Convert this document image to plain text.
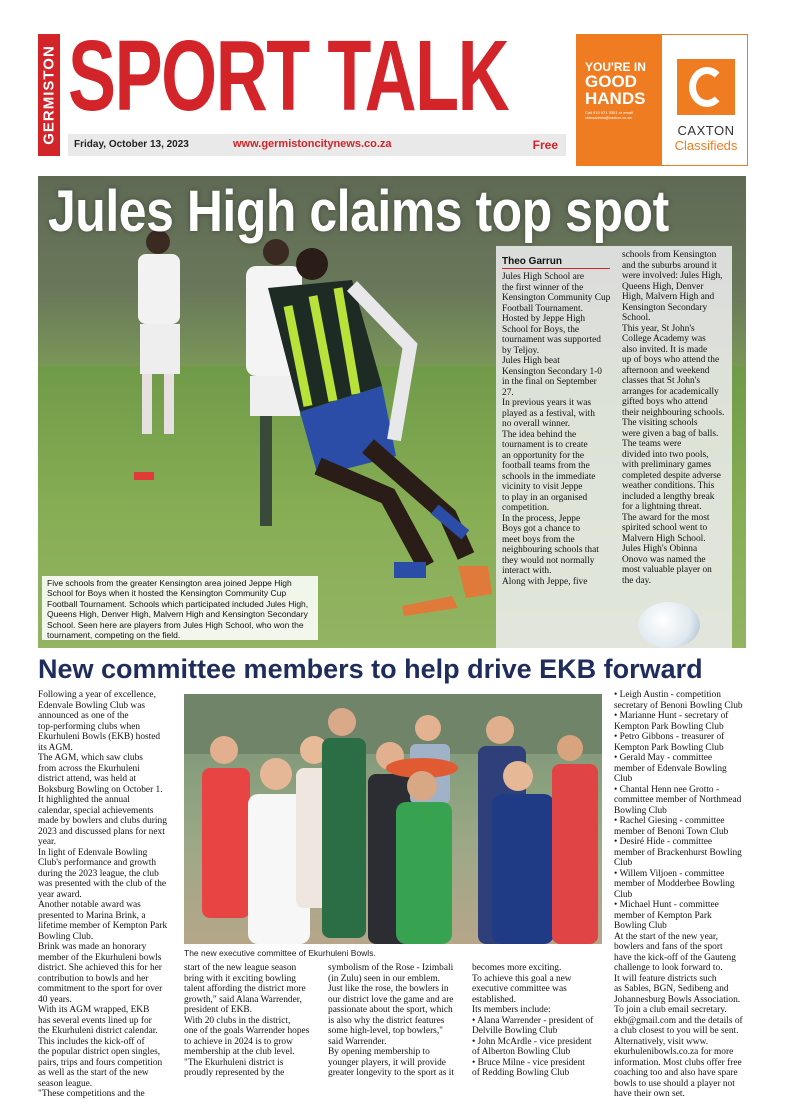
GERMISTON SPORT TALK
Friday, October 13, 2023	www.germistoncitynews.co.za	Free
YOU'RE IN
GOOD
HANDS
Call 010 971 3301 or email classadmin@caxton.co.za
CAXTON
Classifieds
Jules High claims top spot
Theo Garrun
Jules High School are
the first winner of the
Kensington Community Cup
Football Tournament.
Hosted by Jeppe High
School for Boys, the
tournament was supported
by Teljoy.
Jules High beat
Kensington Secondary 1-0
in the final on September
27.
In previous years it was
played as a festival, with
no overall winner.
The idea behind the
tournament is to create
an opportunity for the
football teams from the
schools in the immediate
vicinity to visit Jeppe
to play in an organised
competition.
In the process, Jeppe
Boys got a chance to
meet boys from the
neighbouring schools that
they would not normally
interact with.
Along with Jeppe, five
schools from Kensington
and the suburbs around it
were involved: Jules High,
Queens High, Denver
High, Malvern High and
Kensington Secondary
School.
This year, St John's
College Academy was
also invited. It is made
up of boys who attend the
afternoon and weekend
classes that St John's
arranges for academically
gifted boys who attend
their neighbouring schools.
The visiting schools
were given a bag of balls.
The teams were
divided into two pools,
with preliminary games
completed despite adverse
weather conditions. This
included a lengthy break
for a lightning threat.
The award for the most
spirited school went to
Malvern High School.
Jules High's Obinna
Onovo was named the
most valuable player on
the day.
Five schools from the greater Kensington area joined Jeppe High School for Boys when it hosted the Kensington Community Cup Football Tournament. Schools which participated included Jules High, Queens High, Denver High, Malvern High and Kensington Secondary School. Seen here are players from Jules High School, who won the tournament, competing on the field.
New committee members to help drive EKB forward
Following a year of excellence,
Edenvale Bowling Club was
announced as one of the
top-performing clubs when
Ekurhuleni Bowls (EKB) hosted
its AGM.
The AGM, which saw clubs
from across the Ekurhuleni
district attend, was held at
Boksburg Bowling on October 1.
It highlighted the annual
calendar, special achievements
made by bowlers and clubs during
2023 and discussed plans for next
year.
In light of Edenvale Bowling
Club's performance and growth
during the 2023 league, the club
was presented with the club of the
year award.
Another notable award was
presented to Marina Brink, a
lifetime member of Kempton Park
Bowling Club.
Brink was made an honorary
member of the Ekurhuleni bowls
district. She achieved this for her
contribution to bowls and her
commitment to the sport for over
40 years.
With its AGM wrapped, EKB
has several events lined up for
the Ekurhuleni district calendar.
This includes the kick-off of
the popular district open singles,
pairs, trips and fours competition
as well as the start of the new
season league.
"These competitions and the
The new executive committee of Ekurhuleni Bowls.
start of the new league season
bring with it exciting bowling
talent affording the district more
growth," said Alana Warrender,
president of EKB.
With 20 clubs in the district,
one of the goals Warrender hopes
to achieve in 2024 is to grow
membership at the club level.
"The Ekurhuleni district is
proudly represented by the
symbolism of the Rose - Izimbali
(in Zulu) seen in our emblem.
Just like the rose, the bowlers in
our district love the game and are
passionate about the sport, which
is also why the district features
some high-level, top bowlers,"
said Warrender.
By opening membership to
younger players, it will provide
greater longevity to the sport as it
becomes more exciting.
To achieve this goal a new
executive committee was
established.
Its members include:
• Alana Warrender - president of
Delville Bowling Club
• John McArdle - vice president
of Alberton Bowling Club
• Bruce Milne - vice president
of Redding Bowling Club
• Leigh Austin - competition
secretary of Benoni Bowling Club
• Marianne Hunt - secretary of
Kempton Park Bowling Club
• Petro Gibbons - treasurer of
Kempton Park Bowling Club
• Gerald May - committee
member of Edenvale Bowling
Club
• Chantal Henn nee Grotto -
committee member of Northmead
Bowling Club
• Rachel Giesing - committee
member of Benoni Town Club
• Desiré Hide - committee
member of Brackenhurst Bowling
Club
• Willem Viljoen - committee
member of Modderbee Bowling
Club
• Michael Hunt - committee
member of Kempton Park
Bowling Club
At the start of the new year,
bowlers and fans of the sport
have the kick-off of the Gauteng
challenge to look forward to.
It will feature districts such
as Sables, BGN, Sedibeng and
Johannesburg Bowls Association.
To join a club email secretary.
ekb@gmail.com and the details of
a club closest to you will be sent.
Alternatively, visit www.
ekurhulenibowls.co.za for more
information. Most clubs offer free
coaching too and also have spare
bowls to use should a player not
have their own set.
